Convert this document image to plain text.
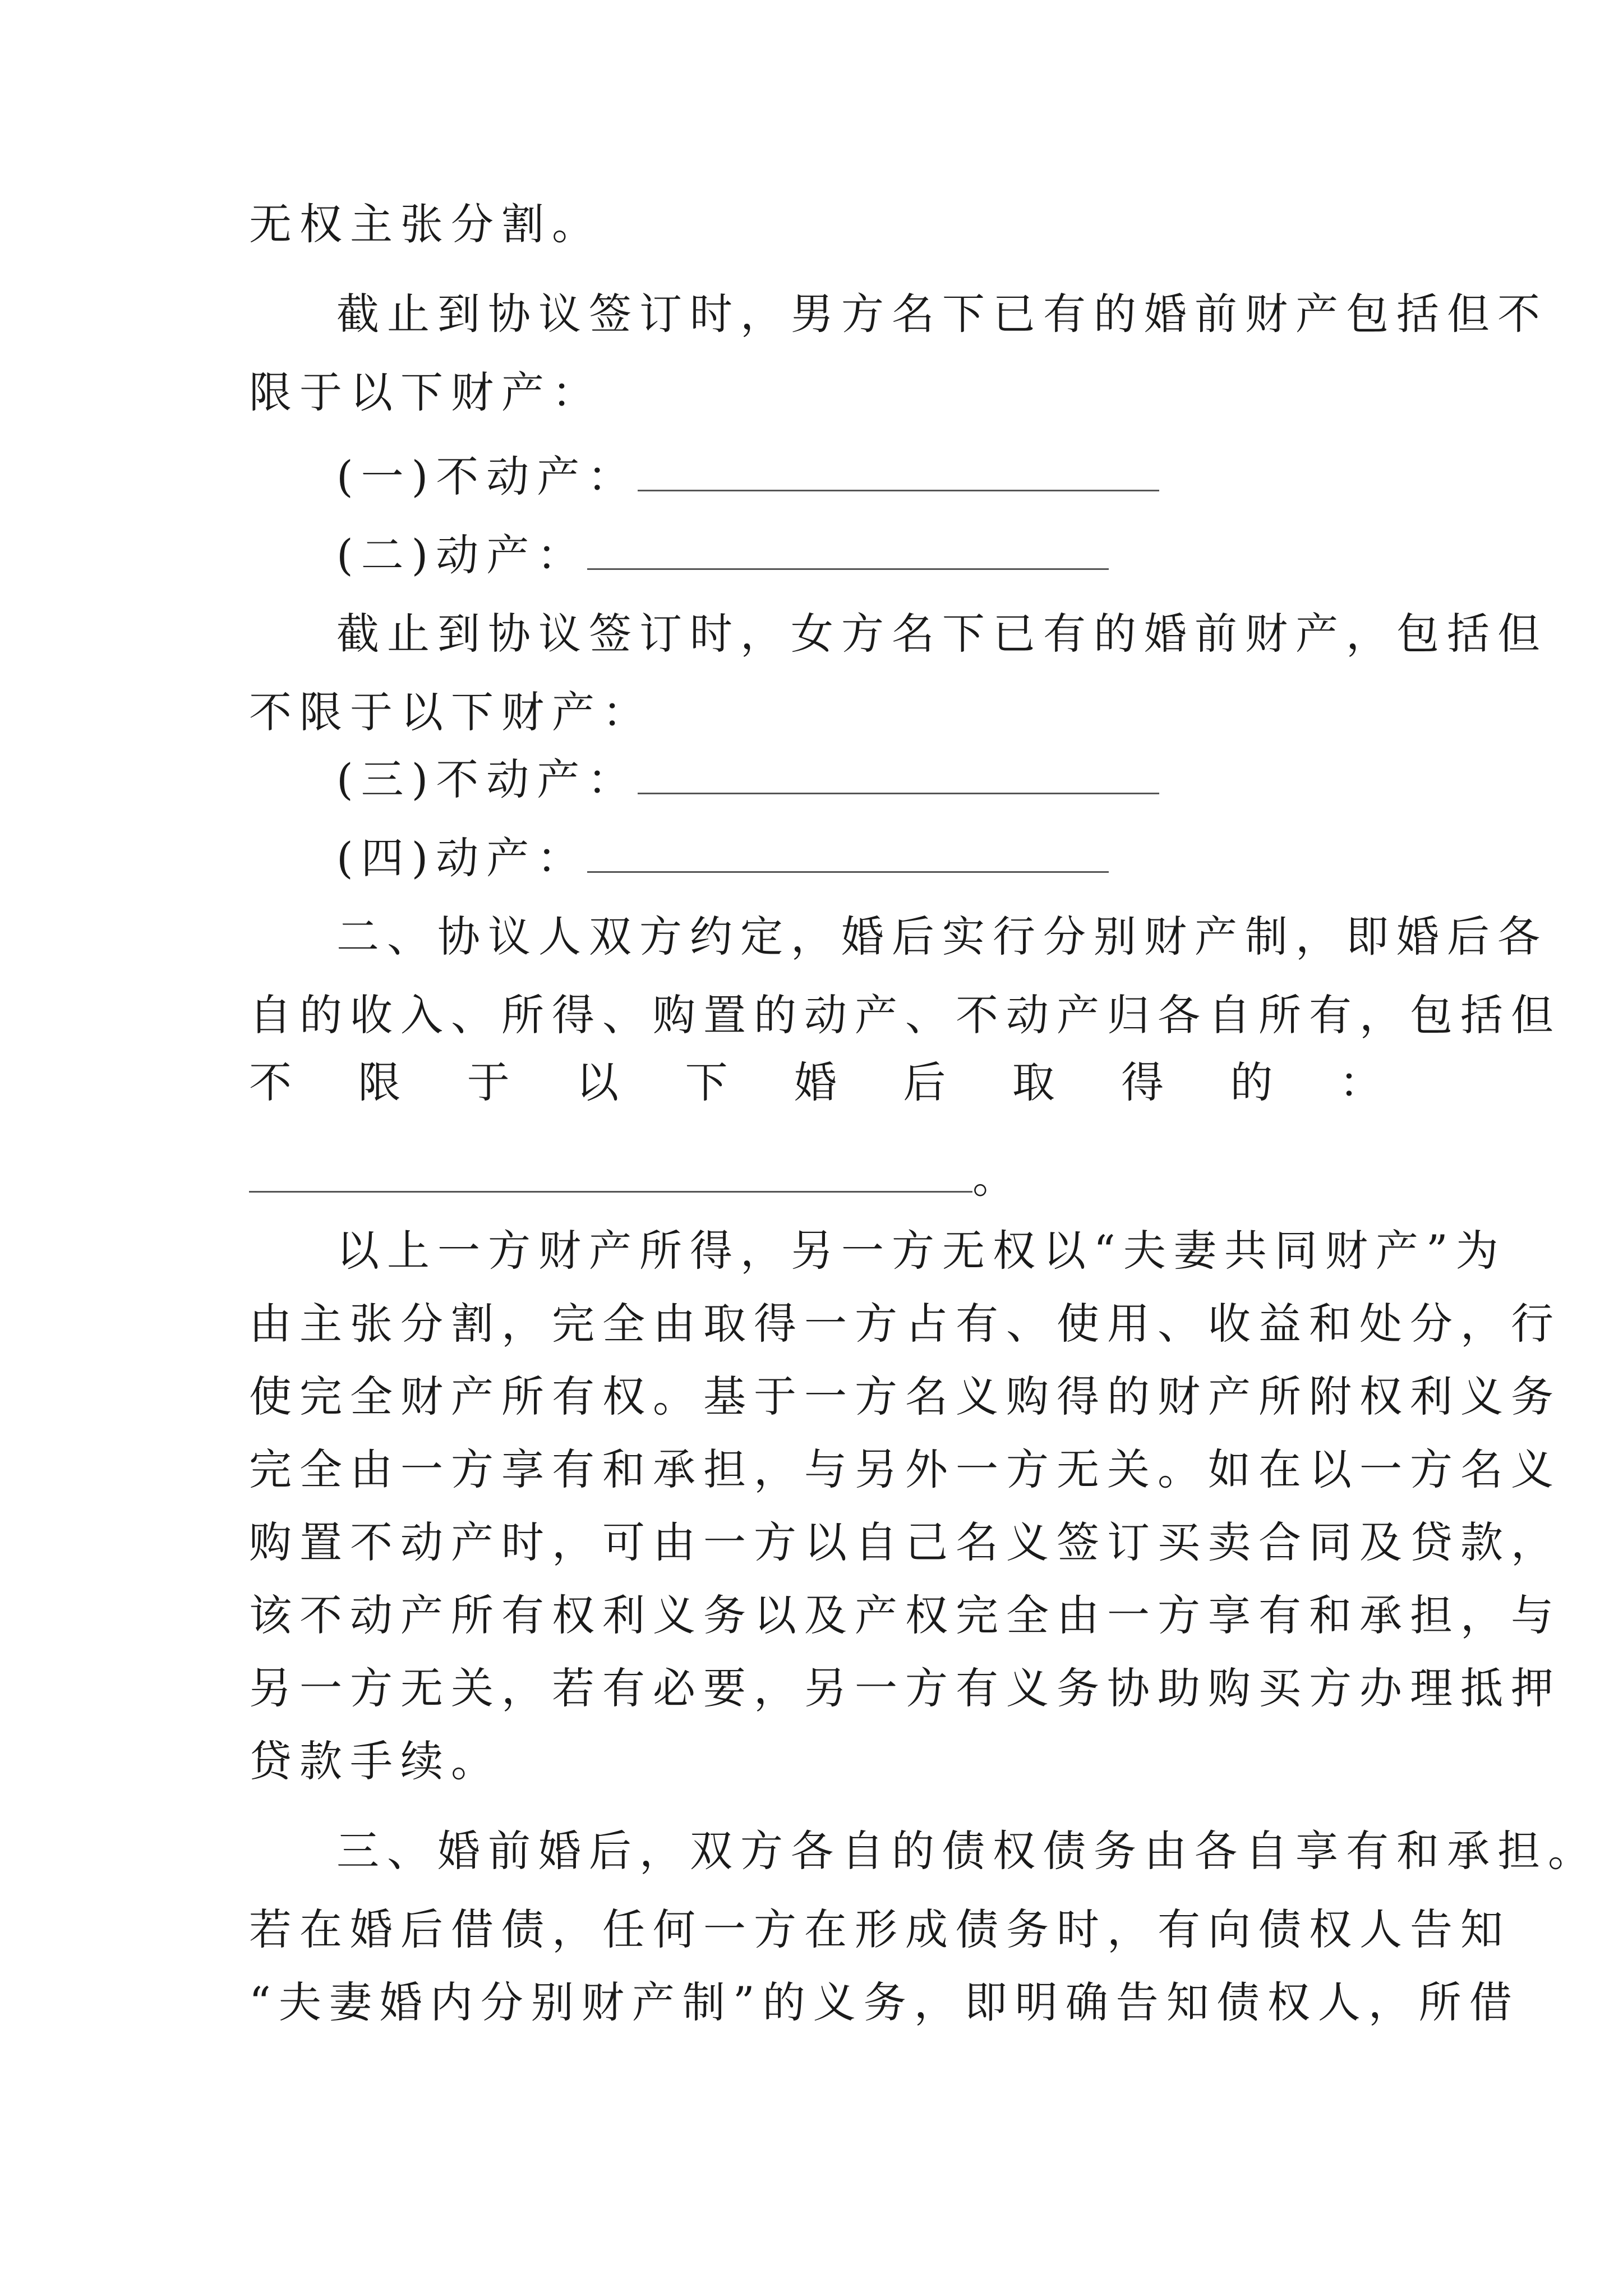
无权主张分割。
截止到协议签订时，男方名下已有的婚前财产包括但不
限于以下财产：
(一)不动产：
(二)动产：
截止到协议签订时，女方名下已有的婚前财产，包括但
不限于以下财产：
(三)不动产：
(四)动产：
二、协议人双方约定，婚后实行分别财产制，即婚后各
自的收入、所得、购置的动产、不动产归各自所有，包括但
不 限 于 以 下 婚 后 取 得 的 ：
。
以上一方财产所得，另一方无权以“夫妻共同财产”为
由主张分割，完全由取得一方占有、使用、收益和处分，行
使完全财产所有权。基于一方名义购得的财产所附权利义务
完全由一方享有和承担，与另外一方无关。如在以一方名义
购置不动产时，可由一方以自己名义签订买卖合同及贷款，
该不动产所有权利义务以及产权完全由一方享有和承担，与
另一方无关，若有必要，另一方有义务协助购买方办理抵押
贷款手续。
三、婚前婚后，双方各自的债权债务由各自享有和承担。
若在婚后借债，任何一方在形成债务时，有向债权人告知
“夫妻婚内分别财产制”的义务，即明确告知债权人，所借
